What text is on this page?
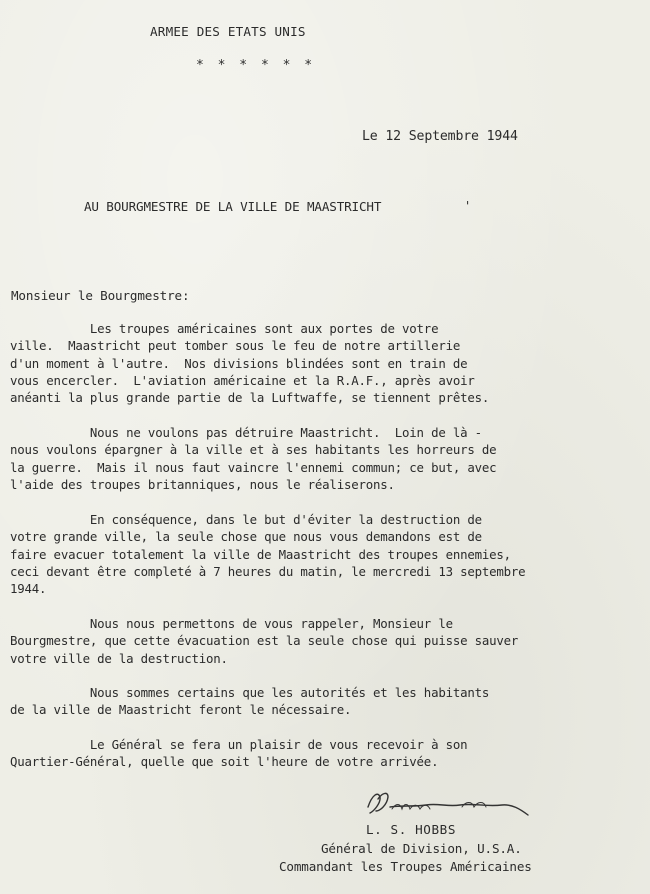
ARMEE DES ETATS UNIS
* * * * * *
Le 12 Septembre 1944
AU BOURGMESTRE DE LA VILLE DE MAASTRICHT	'
Monsieur le Bourgmestre:
Les troupes américaines sont aux portes de votre
ville.  Maastricht peut tomber sous le feu de notre artillerie
d'un moment à l'autre.  Nos divisions blindées sont en train de
vous encercler.  L'aviation américaine et la R.A.F., après avoir
anéanti la plus grande partie de la Luftwaffe, se tiennent prêtes.
Nous ne voulons pas détruire Maastricht.  Loin de là -
nous voulons épargner à la ville et à ses habitants les horreurs de
la guerre.  Mais il nous faut vaincre l'ennemi commun; ce but, avec
l'aide des troupes britanniques, nous le réaliserons.
En conséquence, dans le but d'éviter la destruction de
votre grande ville, la seule chose que nous vous demandons est de
faire evacuer totalement la ville de Maastricht des troupes ennemies,
ceci devant être completé à 7 heures du matin, le mercredi 13 septembre
1944.
Nous nous permettons de vous rappeler, Monsieur le
Bourgmestre, que cette évacuation est la seule chose qui puisse sauver
votre ville de la destruction.
Nous sommes certains que les autorités et les habitants
de la ville de Maastricht feront le nécessaire.
Le Général se fera un plaisir de vous recevoir à son
Quartier-Général, quelle que soit l'heure de votre arrivée.
L. S. HOBBS
Général de Division, U.S.A.
Commandant les Troupes Américaines
